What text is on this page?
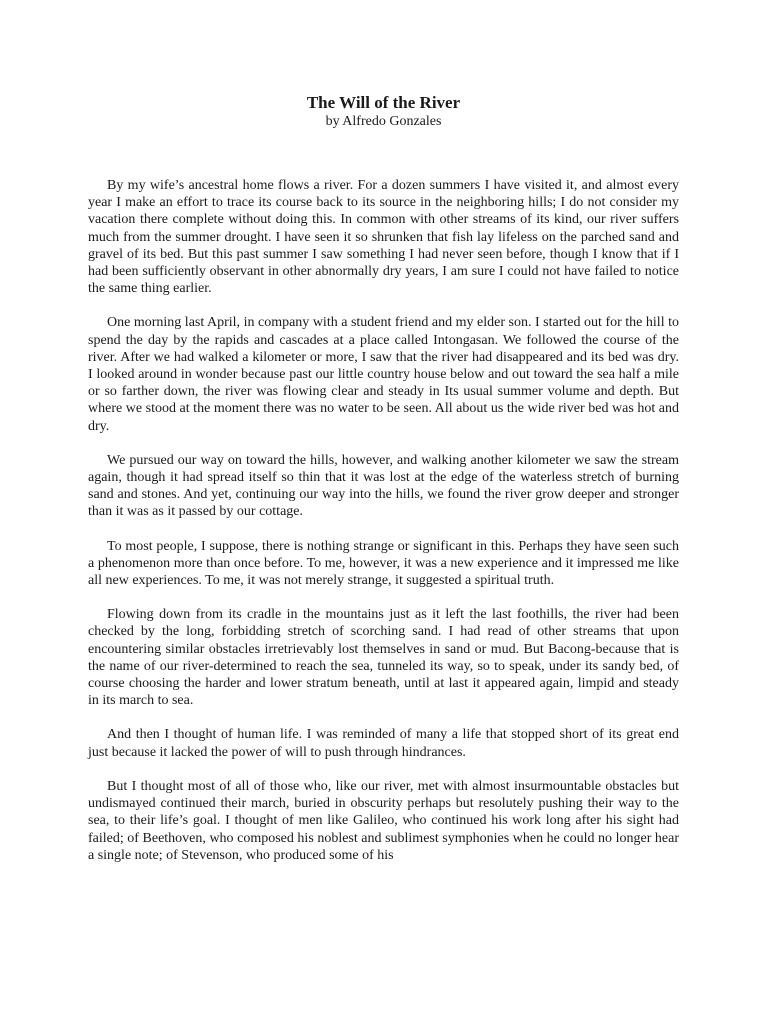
The Will of the River

by Alfredo Gonzales

By my wife’s ancestral home flows a river. For a dozen summers I have visited it, and almost every year I make an effort to trace its course back to its source in the neighboring hills; I do not consider my vacation there complete without doing this. In common with other streams of its kind, our river suffers much from the summer drought. I have seen it so shrunken that fish lay lifeless on the parched sand and gravel of its bed. But this past summer I saw something I had never seen before, though I know that if I had been sufficiently observant in other abnormally dry years, I am sure I could not have failed to notice the same thing earlier.

One morning last April, in company with a student friend and my elder son. I started out for the hill to spend the day by the rapids and cascades at a place called Intongasan. We followed the course of the river. After we had walked a kilometer or more, I saw that the river had disappeared and its bed was dry. I looked around in wonder because past our little country house below and out toward the sea half a mile or so farther down, the river was flowing clear and steady in Its usual summer volume and depth. But where we stood at the moment there was no water to be seen. All about us the wide river bed was hot and dry.

We pursued our way on toward the hills, however, and walking another kilometer we saw the stream again, though it had spread itself so thin that it was lost at the edge of the waterless stretch of burning sand and stones. And yet, continuing our way into the hills, we found the river grow deeper and stronger than it was as it passed by our cottage.

To most people, I suppose, there is nothing strange or significant in this. Perhaps they have seen such a phenomenon more than once before. To me, however, it was a new experience and it impressed me like all new experiences. To me, it was not merely strange, it suggested a spiritual truth.

Flowing down from its cradle in the mountains just as it left the last foothills, the river had been checked by the long, forbidding stretch of scorching sand. I had read of other streams that upon encountering similar obstacles irretrievably lost themselves in sand or mud. But Bacong-because that is the name of our river-determined to reach the sea, tunneled its way, so to speak, under its sandy bed, of course choosing the harder and lower stratum beneath, until at last it appeared again, limpid and steady in its march to sea.

And then I thought of human life. I was reminded of many a life that stopped short of its great end just because it lacked the power of will to push through hindrances.

But I thought most of all of those who, like our river, met with almost insurmountable obstacles but undismayed continued their march, buried in obscurity perhaps but resolutely pushing their way to the sea, to their life’s goal. I thought of men like Galileo, who continued his work long after his sight had failed; of Beethoven, who composed his noblest and sublimest symphonies when he could no longer hear a single note; of Stevenson, who produced some of his
